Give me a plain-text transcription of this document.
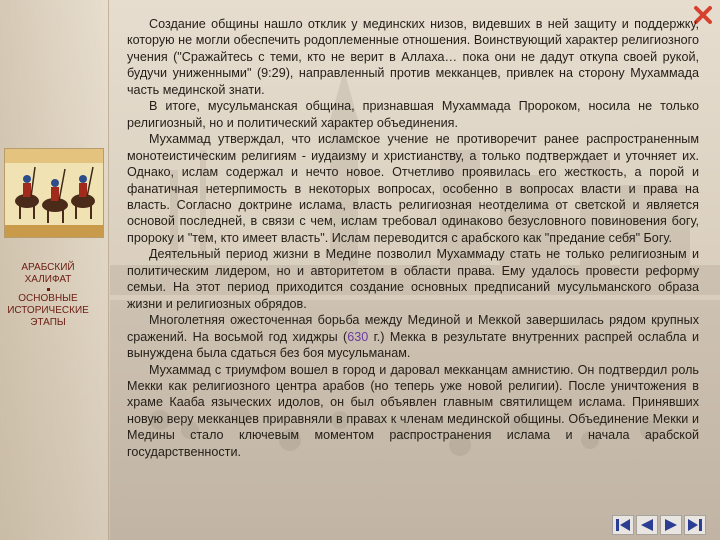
АРАБСКИЙ
ХАЛИФАТ
ОСНОВНЫЕ
ИСТОРИЧЕСКИЕ
ЭТАПЫ

Создание общины нашло отклик у мединских низов, видевших в ней защиту и поддержку, которую не могли обеспечить родоплеменные отношения. Воинствующий характер религиозного учения ("Сражайтесь с теми, кто не верит в Аллаха… пока они не дадут откупа своей рукой, будучи униженными" (9:29), направленный против мекканцев, привлек на сторону Мухаммада часть мединской знати.

В итоге, мусульманская община, признавшая Мухаммада Пророком, носила не только религиозный, но и политический характер объединения.

Мухаммад утверждал, что исламское учение не противоречит ранее распространенным монотеистическим религиям - иудаизму и христианству, а только подтверждает и уточняет их. Однако, ислам содержал и нечто новое. Отчетливо проявилась его жесткость, а порой и фанатичная нетерпимость в некоторых вопросах, особенно в вопросах власти и права на власть. Согласно доктрине ислама, власть религиозная неотделима от светской и является основой последней, в связи с чем, ислам требовал одинаково безусловного повиновения богу, пророку и "тем, кто имеет власть". Ислам переводится с арабского как "предание себя" Богу.

Деятельный период жизни в Медине позволил Мухаммаду стать не только религиозным и политическим лидером, но и авторитетом в области права. Ему удалось провести реформу семьи. На этот период приходится создание основных предписаний мусульманского образа жизни и религиозных обрядов.

Многолетняя ожесточенная борьба между Мединой и Меккой завершилась рядом крупных сражений. На восьмой год хиджры (630 г.) Мекка в результате внутренних распрей ослабла и вынуждена была сдаться без боя мусульманам.

Мухаммад с триумфом вошел в город и даровал мекканцам амнистию. Он подтвердил роль Мекки как религиозного центра арабов (но теперь уже новой религии). После уничтожения в храме Кааба языческих идолов, он был объявлен главным святилищем ислама. Принявших новую веру мекканцев приравняли в правах к членам мединской общины. Объединение Мекки и Медины стало ключевым моментом распространения ислама и начала арабской государственности.
